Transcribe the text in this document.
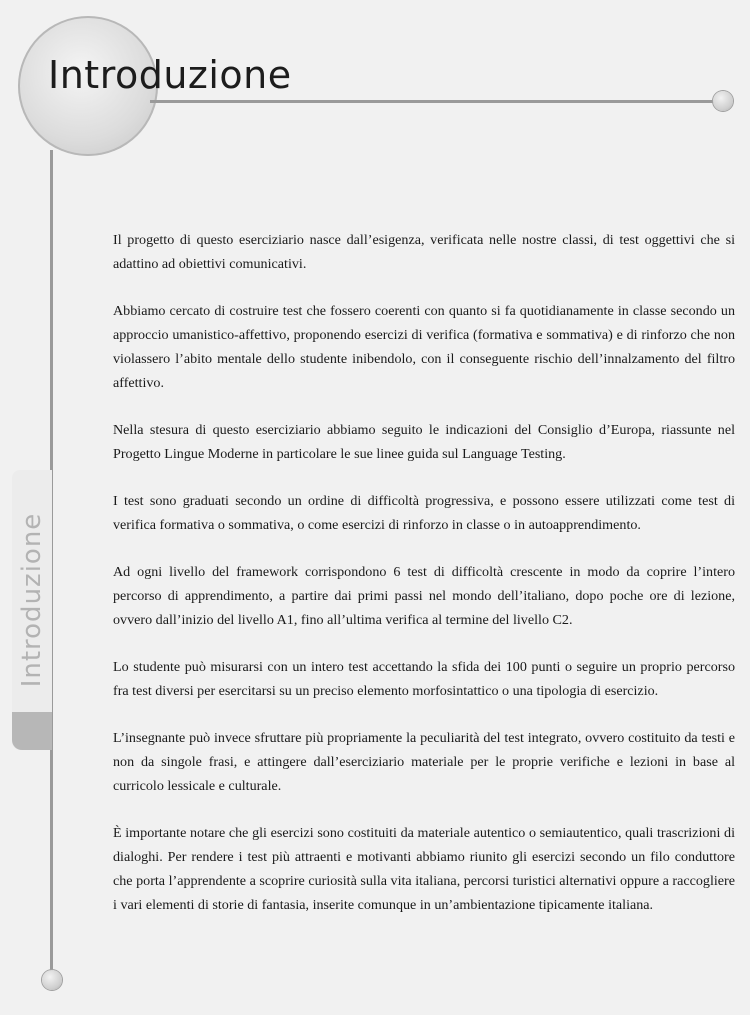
Introduzione
Introduzione

Il progetto di questo eserciziario nasce dall’esigenza, verificata nelle nostre classi, di test oggettivi che si adattino ad obiettivi comunicativi.

Abbiamo cercato di costruire test che fossero coerenti con quanto si fa quotidianamente in classe secondo un approccio umanistico-affettivo, proponendo esercizi di verifica (formativa e sommativa) e di rinforzo che non violassero l’abito mentale dello studente inibendolo, con il conseguente rischio dell’innalzamento del filtro affettivo.

Nella stesura di questo eserciziario abbiamo seguito le indicazioni del Consiglio d’Europa, riassunte nel Progetto Lingue Moderne in particolare le sue linee guida sul Language Testing.

I test sono graduati secondo un ordine di difficoltà progressiva, e possono essere utilizzati come test di verifica formativa o sommativa, o come esercizi di rinforzo in classe o in autoapprendimento.

Ad ogni livello del framework corrispondono 6 test di difficoltà crescente in modo da coprire l’intero percorso di apprendimento, a partire dai primi passi nel mondo dell’italiano, dopo poche ore di lezione, ovvero dall’inizio del livello A1, fino all’ultima verifica al termine del livello C2.

Lo studente può misurarsi con un intero test accettando la sfida dei 100 punti o seguire un proprio percorso fra test diversi per esercitarsi su un preciso elemento morfosintattico o una tipologia di esercizio.

L’insegnante può invece sfruttare più propriamente la peculiarità del test integrato, ovvero costituito da testi e non da singole frasi, e attingere dall’eserciziario materiale per le proprie verifiche e lezioni in base al curricolo lessicale e culturale.

È importante notare che gli esercizi sono costituiti da materiale autentico o semiautentico, quali trascrizioni di dialoghi. Per rendere i test più attraenti e motivanti abbiamo riunito gli esercizi secondo un filo conduttore che porta l’apprendente a scoprire curiosità sulla vita italiana, percorsi turistici alternativi oppure a raccogliere i vari elementi di storie di fantasia, inserite comunque in un’ambientazione tipicamente italiana.
